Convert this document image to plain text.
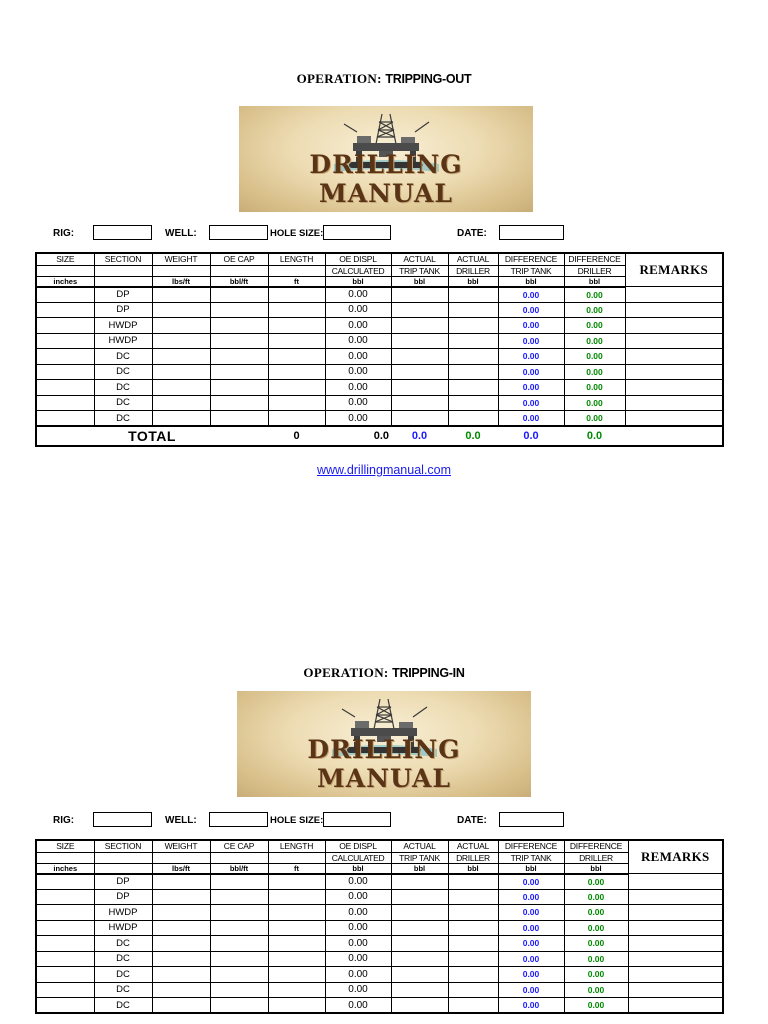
OPERATION: TRIPPING-OUT
DRILLING MANUAL
RIG:	WELL:	HOLE SIZE:	DATE:
SIZE	SECTION	WEIGHT	OE CAP	LENGTH	OE DISPL	ACTUAL	ACTUAL	DIFFERENCE	DIFFERENCE	REMARKS
					CALCULATED	TRIP TANK	DRILLER	TRIP TANK	DRILLER	
inches		lbs/ft	bbl/ft	ft	bbl	bbl	bbl	bbl	bbl	
	DP				0.00			0.00	0.00	
	DP				0.00			0.00	0.00	
	HWDP				0.00			0.00	0.00	
	HWDP				0.00			0.00	0.00	
	DC				0.00			0.00	0.00	
	DC				0.00			0.00	0.00	
	DC				0.00			0.00	0.00	
	DC				0.00			0.00	0.00	
	DC				0.00			0.00	0.00	
	TOTAL			0	0.0	0.0	0.0	0.0	0.0	
www.drillingmanual.com
OPERATION: TRIPPING-IN
DRILLING MANUAL
RIG:	WELL:	HOLE SIZE:	DATE:
SIZE	SECTION	WEIGHT	CE CAP	LENGTH	OE DISPL	ACTUAL	ACTUAL	DIFFERENCE	DIFFERENCE	REMARKS
					CALCULATED	TRIP TANK	DRILLER	TRIP TANK	DRILLER	
inches		lbs/ft	bbl/ft	ft	bbl	bbl	bbl	bbl	bbl	
	DP				0.00			0.00	0.00	
	DP				0.00			0.00	0.00	
	HWDP				0.00			0.00	0.00	
	HWDP				0.00			0.00	0.00	
	DC				0.00			0.00	0.00	
	DC				0.00			0.00	0.00	
	DC				0.00			0.00	0.00	
	DC				0.00			0.00	0.00	
	DC				0.00			0.00	0.00	
